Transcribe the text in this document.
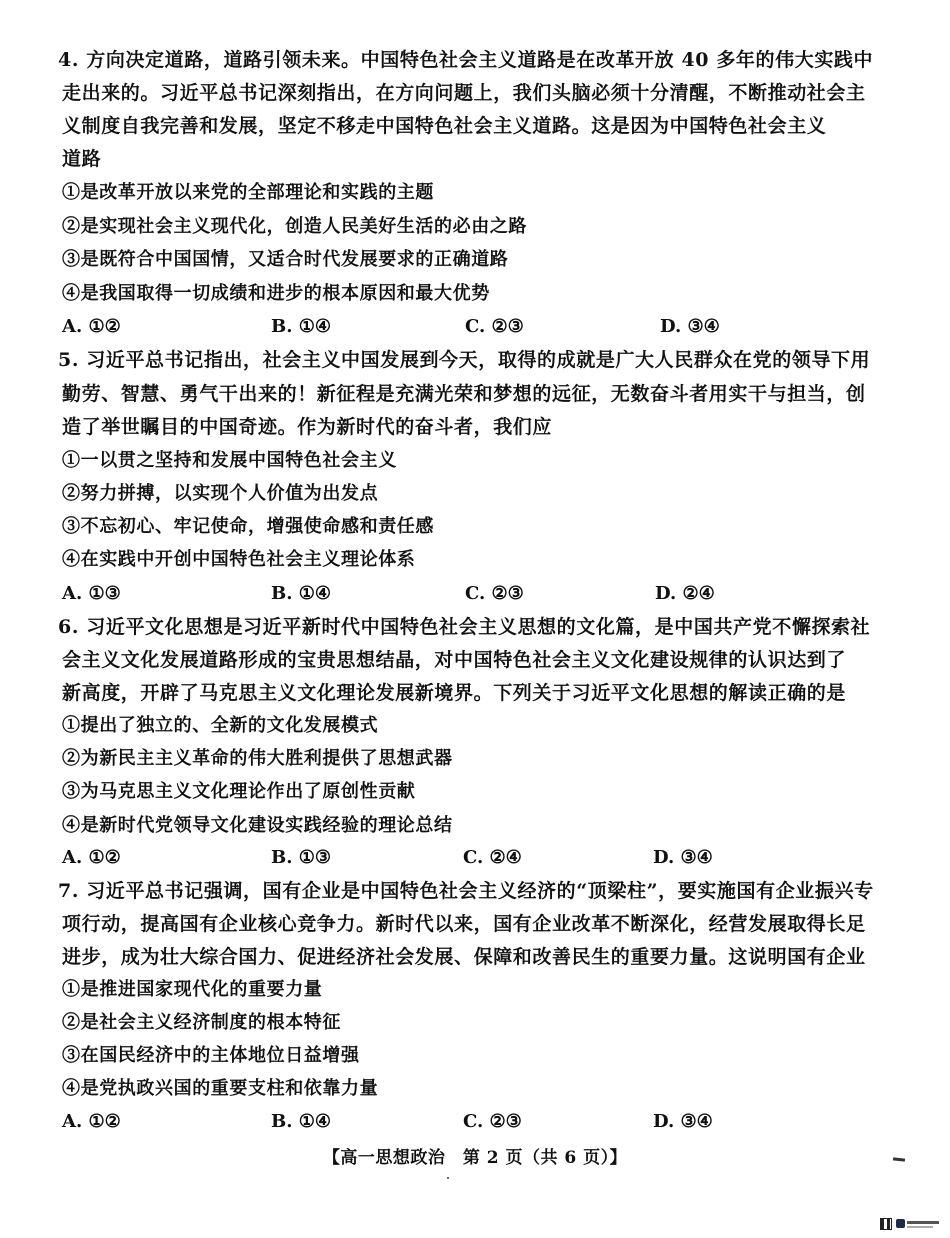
4. 方向决定道路，道路引领未来。中国特色社会主义道路是在改革开放 40 多年的伟大实践中
走出来的。习近平总书记深刻指出，在方向问题上，我们头脑必须十分清醒，不断推动社会主
义制度自我完善和发展，坚定不移走中国特色社会主义道路。这是因为中国特色社会主义
道路
①是改革开放以来党的全部理论和实践的主题
②是实现社会主义现代化，创造人民美好生活的必由之路
③是既符合中国国情，又适合时代发展要求的正确道路
④是我国取得一切成绩和进步的根本原因和最大优势
A. ①②	B. ①④	C. ②③	D. ③④
5. 习近平总书记指出，社会主义中国发展到今天，取得的成就是广大人民群众在党的领导下用
勤劳、智慧、勇气干出来的！新征程是充满光荣和梦想的远征，无数奋斗者用实干与担当，创
造了举世瞩目的中国奇迹。作为新时代的奋斗者，我们应
①一以贯之坚持和发展中国特色社会主义
②努力拼搏，以实现个人价值为出发点
③不忘初心、牢记使命，增强使命感和责任感
④在实践中开创中国特色社会主义理论体系
A. ①③	B. ①④	C. ②③	D. ②④
6. 习近平文化思想是习近平新时代中国特色社会主义思想的文化篇，是中国共产党不懈探索社
会主义文化发展道路形成的宝贵思想结晶，对中国特色社会主义文化建设规律的认识达到了
新高度，开辟了马克思主义文化理论发展新境界。下列关于习近平文化思想的解读正确的是
①提出了独立的、全新的文化发展模式
②为新民主主义革命的伟大胜利提供了思想武器
③为马克思主义文化理论作出了原创性贡献
④是新时代党领导文化建设实践经验的理论总结
A. ①②	B. ①③	C. ②④	D. ③④
7. 习近平总书记强调，国有企业是中国特色社会主义经济的“顶梁柱”，要实施国有企业振兴专
项行动，提高国有企业核心竞争力。新时代以来，国有企业改革不断深化，经营发展取得长足
进步，成为壮大综合国力、促进经济社会发展、保障和改善民生的重要力量。这说明国有企业
①是推进国家现代化的重要力量
②是社会主义经济制度的根本特征
③在国民经济中的主体地位日益增强
④是党执政兴国的重要支柱和依靠力量
A. ①②	B. ①④	C. ②③	D. ③④
【高一思想政治　第 2 页（共 6 页）】
